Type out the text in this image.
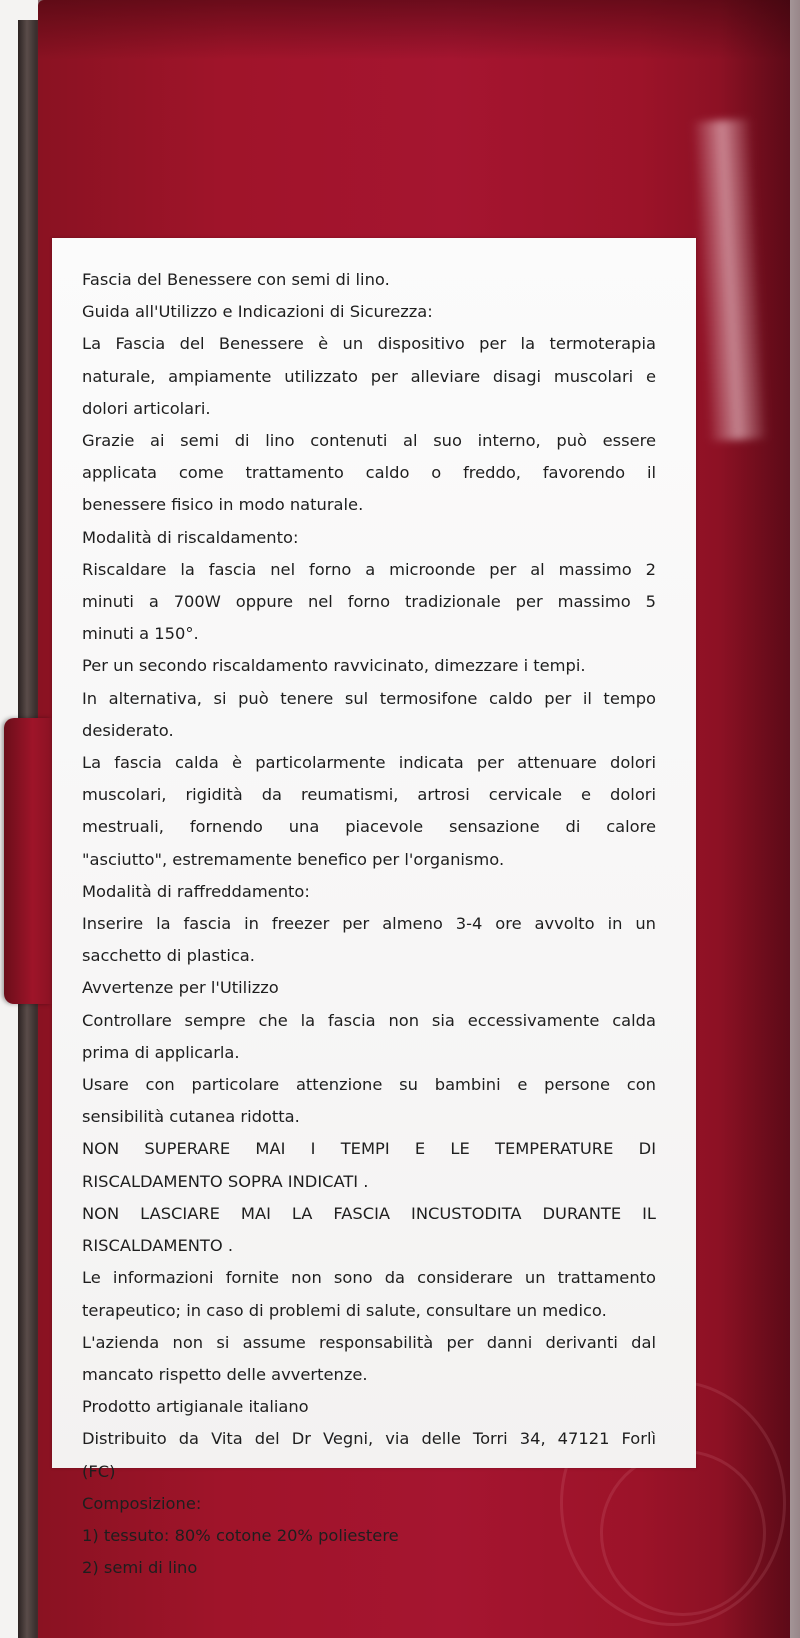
Fascia del Benessere con semi di lino.
Guida all'Utilizzo e Indicazioni di Sicurezza:
La Fascia del Benessere è un dispositivo per la termoterapia
naturale, ampiamente utilizzato per alleviare disagi muscolari e
dolori articolari.
Grazie ai semi di lino contenuti al suo interno, può essere
applicata come trattamento caldo o freddo, favorendo il
benessere fisico in modo naturale.
Modalità di riscaldamento:
Riscaldare la fascia nel forno a microonde per al massimo 2
minuti a 700W oppure nel forno tradizionale per massimo 5
minuti a 150°.
Per un secondo riscaldamento ravvicinato, dimezzare i tempi.
In alternativa, si può tenere sul termosifone caldo per il tempo
desiderato.
La fascia calda è particolarmente indicata per attenuare dolori
muscolari, rigidità da reumatismi, artrosi cervicale e dolori
mestruali, fornendo una piacevole sensazione di calore
"asciutto", estremamente benefico per l'organismo.
Modalità di raffreddamento:
Inserire la fascia in freezer per almeno 3-4 ore avvolto in un
sacchetto di plastica.
Avvertenze per l'Utilizzo
Controllare sempre che la fascia non sia eccessivamente calda
prima di applicarla.
Usare con particolare attenzione su bambini e persone con
sensibilità cutanea ridotta.
NON SUPERARE MAI I TEMPI E LE TEMPERATURE DI
RISCALDAMENTO SOPRA INDICATI .
NON LASCIARE MAI LA FASCIA INCUSTODITA DURANTE IL
RISCALDAMENTO .
Le informazioni fornite non sono da considerare un trattamento
terapeutico; in caso di problemi di salute, consultare un medico.
L'azienda non si assume responsabilità per danni derivanti dal
mancato rispetto delle avvertenze.
Prodotto artigianale italiano
Distribuito da Vita del Dr Vegni, via delle Torri 34, 47121 Forlì
(FC)
Composizione:
1) tessuto: 80% cotone 20% poliestere
2) semi di lino
